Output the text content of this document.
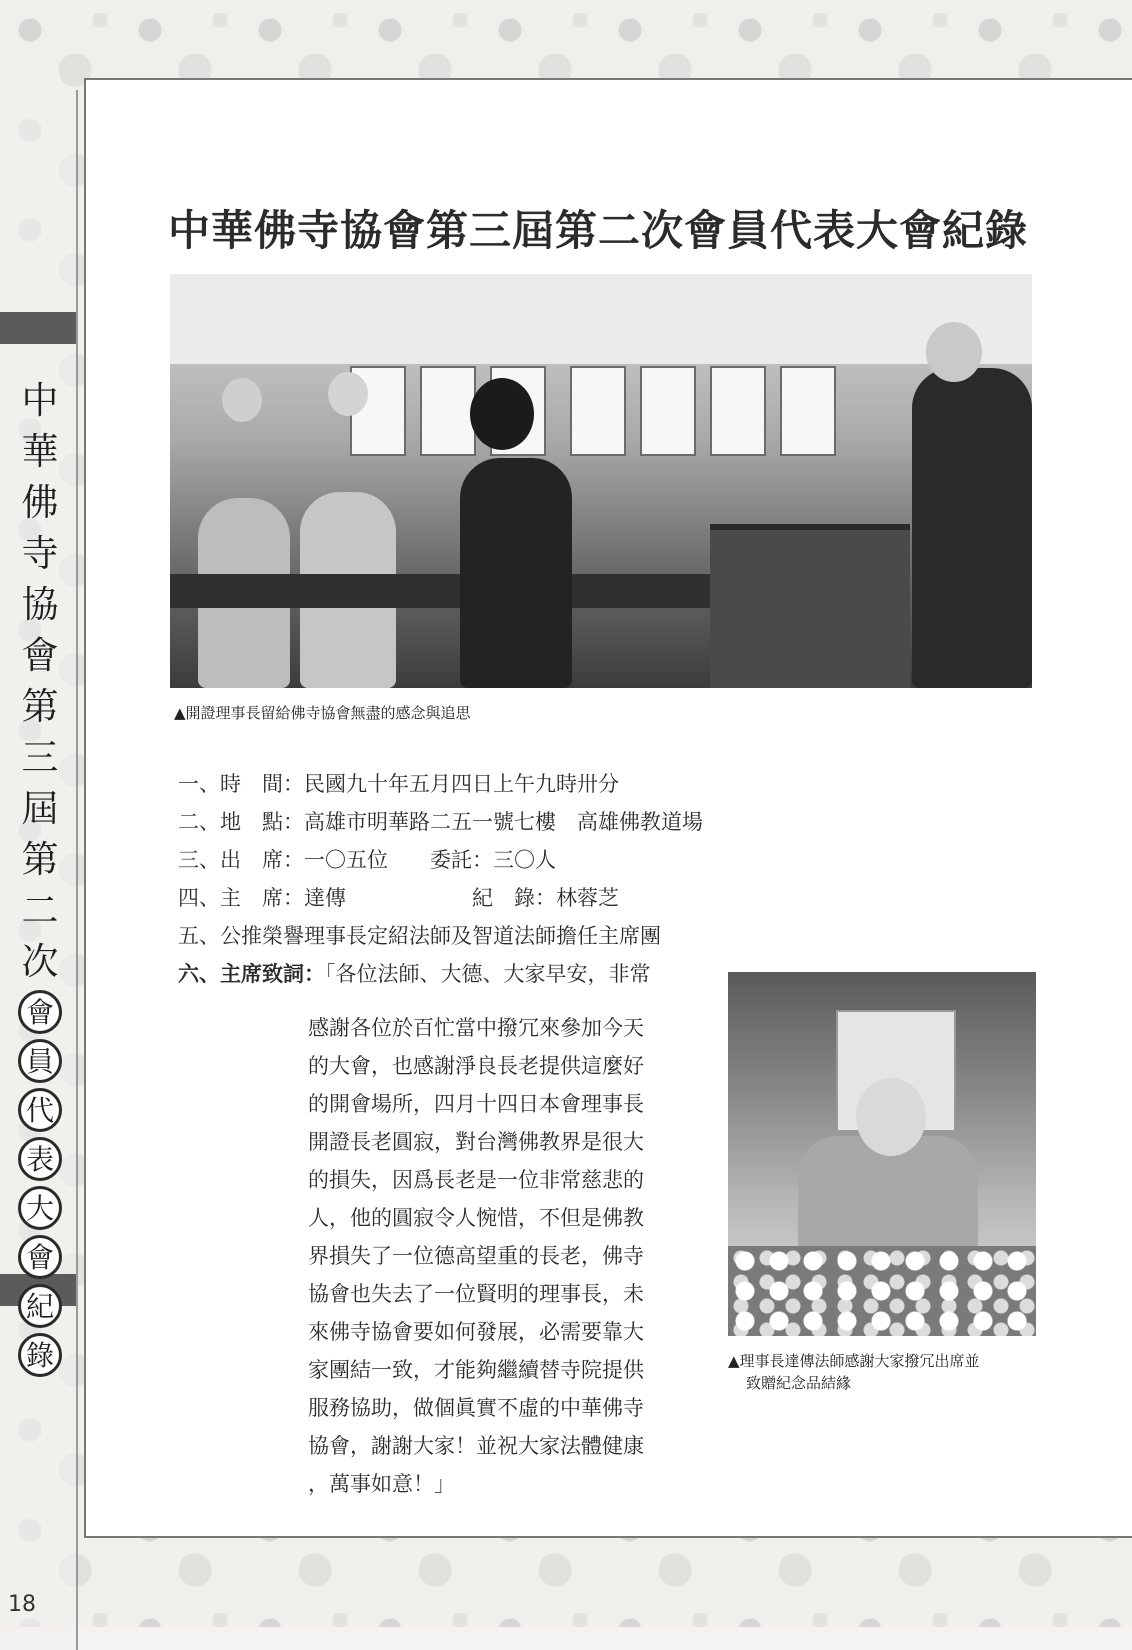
中
華
佛
寺
協
會
第
三
屆
第
二
次
會
員
代
表
大
會
紀
錄
中華佛寺協會第三屆第二次會員代表大會紀錄
▲開證理事長留給佛寺協會無盡的感念與追思
一、時　間：民國九十年五月四日上午九時卅分
二、地　點：高雄市明華路二五一號七樓　高雄佛教道場
三、出　席：一〇五位　　委託：三〇人
四、主　席：達傳　　　　　　紀　錄：林蓉芝
五、公推榮譽理事長定紹法師及智道法師擔任主席團
六、主席致詞：「各位法師、大德、大家早安，非常
感謝各位於百忙當中撥冗來參加今天
的大會，也感謝淨良長老提供這麼好
的開會場所，四月十四日本會理事長
開證長老圓寂，對台灣佛教界是很大
的損失，因爲長老是一位非常慈悲的
人，他的圓寂令人惋惜，不但是佛教
界損失了一位德高望重的長老，佛寺
協會也失去了一位賢明的理事長，未
來佛寺協會要如何發展，必需要靠大
家團結一致，才能夠繼續替寺院提供
服務協助，做個眞實不虛的中華佛寺
協會，謝謝大家！並祝大家法體健康
，萬事如意！」
▲理事長達傳法師感謝大家撥冗出席並
致贈紀念品結緣
18
